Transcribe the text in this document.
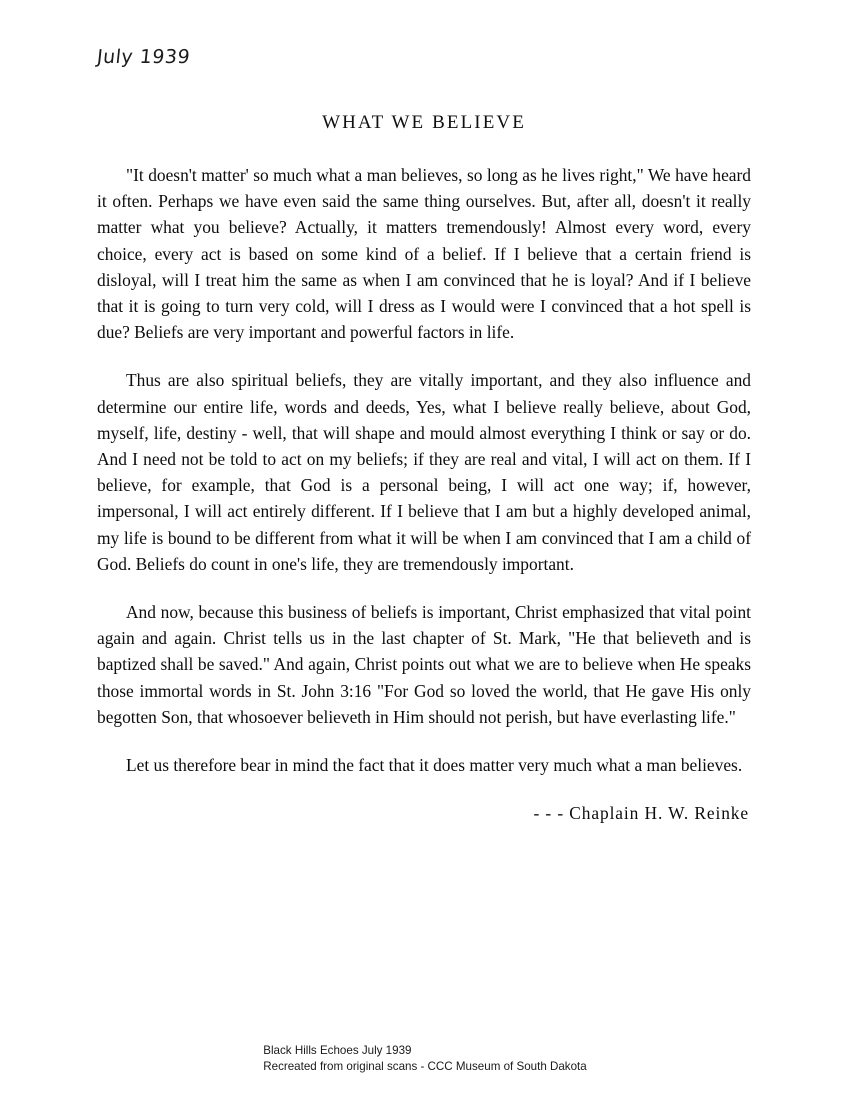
July 1939
WHAT WE BELIEVE

"It doesn't matter' so much what a man believes, so long as he lives right," We have heard it often. Perhaps we have even said the same thing ourselves. But, after all, doesn't it really matter what you believe? Actually, it matters tremendously! Almost every word, every choice, every act is based on some kind of a belief. If I believe that a certain friend is disloyal, will I treat him the same as when I am convinced that he is loyal? And if I believe that it is going to turn very cold, will I dress as I would were I convinced that a hot spell is due? Beliefs are very important and powerful factors in life.

Thus are also spiritual beliefs, they are vitally important, and they also influence and determine our entire life, words and deeds, Yes, what I believe really believe, about God, myself, life, destiny - well, that will shape and mould almost everything I think or say or do. And I need not be told to act on my beliefs; if they are real and vital, I will act on them. If I believe, for example, that God is a personal being, I will act one way; if, however, impersonal, I will act entirely different. If I believe that I am but a highly developed animal, my life is bound to be different from what it will be when I am convinced that I am a child of God. Beliefs do count in one's life, they are tremendously important.

And now, because this business of beliefs is important, Christ emphasized that vital point again and again. Christ tells us in the last chapter of St. Mark, "He that believeth and is baptized shall be saved." And again, Christ points out what we are to believe when He speaks those immortal words in St. John 3:16 "For God so loved the world, that He gave His only begotten Son, that whosoever believeth in Him should not perish, but have everlasting life."

Let us therefore bear in mind the fact that it does matter very much what a man believes.

- - - Chaplain H. W. Reinke

Black Hills Echoes July 1939
Recreated from original scans - CCC Museum of South Dakota
